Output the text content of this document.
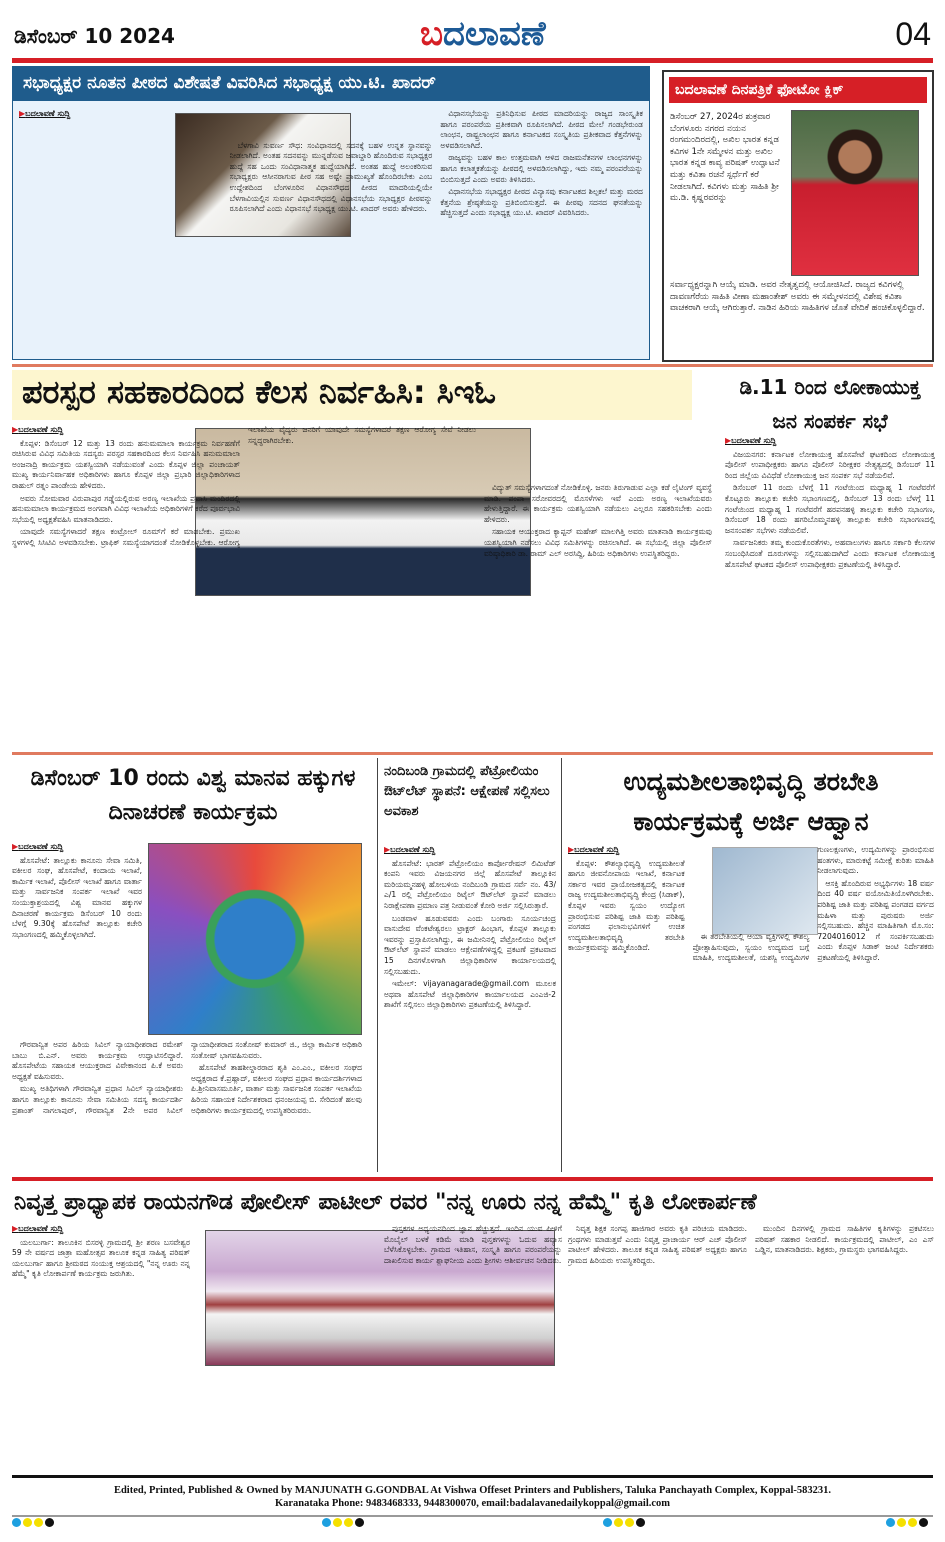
ಡಿಸೆಂಬರ್ 10 2024	ಬದಲಾವಣೆ	04
ಸಭಾಧ್ಯಕ್ಷರ ನೂತನ ಪೀಠದ ವಿಶೇಷತೆ ವಿವರಿಸಿದ ಸಭಾಧ್ಯಕ್ಷ ಯು.ಟಿ. ಖಾದರ್
▶ ಬದಲಾವಣೆ ಸುದ್ದಿ

ಬೆಳಗಾವಿ ಸುವರ್ಣ ಸೌಧ: ಸಂವಿಧಾನದಲ್ಲಿ ಸದನಕ್ಕೆ ಬಹಳ ಉನ್ನತ ಸ್ಥಾನವನ್ನು ನೀಡಲಾಗಿದೆ. ಅಂತಹ ಸದನವನ್ನು ಮುನ್ನಡೆಸುವ ಜವಾಬ್ದಾರಿ ಹೊಂದಿರುವ ಸಭಾಧ್ಯಕ್ಷರ ಹುದ್ದೆ ಸಹ ಒಂದು ಸಂವಿಧಾನಾತ್ಮಕ ಹುದ್ದೆಯಾಗಿದೆ. ಅಂತಹ ಹುದ್ದೆ ಅಲಂಕರಿಸುವ ಸಭಾಧ್ಯಕ್ಷರು ಆಸೀನರಾಗುವ ಪೀಠ ಸಹ ಅಷ್ಟೇ ಪ್ರಾಮುಖ್ಯತೆ ಹೊಂದಿರಬೇಕು ಎಂಬ ಉದ್ದೇಶದಿಂದ ಬೆಂಗಳೂರಿನ ವಿಧಾನಸೌಧದ ಪೀಠದ ಮಾದರಿಯಲ್ಲಿಯೇ ಬೆಳಗಾವಿಯಲ್ಲಿನ ಸುವರ್ಣ ವಿಧಾನಸೌಧದಲ್ಲಿ ವಿಧಾನಸಭೆಯ ಸಭಾಧ್ಯಕ್ಷರ ಪೀಠವನ್ನು ರೂಪಿಸಲಾಗಿದೆ ಎಂದು ವಿಧಾನಸಭೆ ಸಭಾಧ್ಯಕ್ಷ ಯು.ಟಿ. ಖಾದರ್ ಅವರು ಹೇಳಿದರು.

ವಿಧಾನಸಭೆಯನ್ನು ಪ್ರತಿನಿಧಿಸುವ ಪೀಠದ ಮಾದರಿಯನ್ನು ರಾಜ್ಯದ ಸಾಂಸ್ಕೃತಿಕ ಹಾಗೂ ಪರಂಪರೆಯ ಪ್ರತೀಕವಾಗಿ ರೂಪಿಸಲಾಗಿದೆ. ಪೀಠದ ಮೇಲೆ ಗಂಡಭೇರುಂಡ ಲಾಂಛನ, ರಾಷ್ಟ್ರಲಾಂಛನ ಹಾಗೂ ಕರ್ನಾಟಕದ ಸಂಸ್ಕೃತಿಯ ಪ್ರತೀಕವಾದ ಕೆತ್ತನೆಗಳನ್ನು ಅಳವಡಿಸಲಾಗಿದೆ.

ರಾಜ್ಯವನ್ನು ಬಹಳ ಕಾಲ ಉತ್ತಮವಾಗಿ ಆಳಿದ ರಾಜಮನೆತನಗಳ ಲಾಂಛನಗಳನ್ನು ಹಾಗೂ ಕಲಾತ್ಮಕತೆಯನ್ನು ಪೀಠದಲ್ಲಿ ಅಳವಡಿಸಲಾಗಿದ್ದು, ಇದು ನಮ್ಮ ಪರಂಪರೆಯನ್ನು ಬಿಂಬಿಸುತ್ತದೆ ಎಂದು ಅವರು ತಿಳಿಸಿದರು.

ವಿಧಾನಸಭೆಯ ಸಭಾಧ್ಯಕ್ಷರ ಪೀಠದ ವಿನ್ಯಾಸವು ಕರ್ನಾಟಕದ ಶಿಲ್ಪಕಲೆ ಮತ್ತು ಮರದ ಕೆತ್ತನೆಯ ಶ್ರೇಷ್ಠತೆಯನ್ನು ಪ್ರತಿಬಿಂಬಿಸುತ್ತದೆ. ಈ ಪೀಠವು ಸದನದ ಘನತೆಯನ್ನು ಹೆಚ್ಚಿಸುತ್ತದೆ ಎಂದು ಸಭಾಧ್ಯಕ್ಷ ಯು.ಟಿ. ಖಾದರ್ ವಿವರಿಸಿದರು.

ಬದಲಾವಣೆ ದಿನಪತ್ರಿಕೆ ಫೋಟೋ ಕ್ಲಿಕ್
ಡಿಸೆಂಬರ್ 27, 2024ರ ಶುಕ್ರವಾರ ಬೆಂಗಳೂರು ನಗರದ ನಯನ ರಂಗಮಂದಿರದಲ್ಲಿ, ಅಖಿಲ ಭಾರತ ಕನ್ನಡ ಕವಿಗಳ 1ನೇ ಸಮ್ಮೇಳನ ಮತ್ತು ಅಖಿಲ ಭಾರತ ಕನ್ನಡ ಕಾವ್ಯ ಪರಿಷತ್ ಉದ್ಘಾಟನೆ ಮತ್ತು ಕವಿತಾ ರಚನೆ ಸ್ಪರ್ಧೆಗೆ ಕರೆ ನೀಡಲಾಗಿದೆ. ಕವಿಗಳು ಮತ್ತು ಸಾಹಿತಿ ಶ್ರೀ ಮ.ಡಿ. ಕೃಷ್ಣರವರನ್ನು
ಸರ್ವಾಧ್ಯಕ್ಷರನ್ನಾಗಿ ಆಯ್ಕೆ ಮಾಡಿ. ಅವರ ನೇತೃತ್ವದಲ್ಲಿ ಆಯೋಜಿಸಿದೆ. ರಾಜ್ಯದ ಕವಿಗಳಲ್ಲಿ ದಾವಣಗೆರೆಯ ಸಾಹಿತಿ ವೀಣಾ ಮಹಾಂತೇಶ್ ಅವರು ಈ ಸಮ್ಮೇಳನದಲ್ಲಿ ವಿಶೇಷ ಕವಿತಾ ವಾಚಕರಾಗಿ ಆಯ್ಕೆ ಆಗಿರುತ್ತಾರೆ. ನಾಡಿನ ಹಿರಿಯ ಸಾಹಿತಿಗಳ ಜೊತೆ ವೇದಿಕೆ ಹಂಚಿಕೊಳ್ಳಲಿದ್ದಾರೆ.
ಪರಸ್ಪರ ಸಹಕಾರದಿಂದ ಕೆಲಸ ನಿರ್ವಹಿಸಿ: ಸಿಇಓ
▶ ಬದಲಾವಣೆ ಸುದ್ದಿ

ಕೊಪ್ಪಳ: ಡಿಸೆಂಬರ್ 12 ಮತ್ತು 13 ರಂದು ಹನುಮಮಾಲಾ ಕಾರ್ಯಕ್ರಮ ನಿರ್ವಹಣೆಗೆ ರಚಿಸಿರುವ ವಿವಿಧ ಸಮಿತಿಯ ಸದಸ್ಯರು ಪರಸ್ಪರ ಸಹಕಾರದಿಂದ ಕೆಲಸ ನಿರ್ವಹಿಸಿ ಹನುಮಮಾಲಾ ಅಂಜನಾದ್ರಿ ಕಾರ್ಯಕ್ರಮ ಯಶಸ್ವಿಯಾಗಿ ನಡೆಯುವಂತೆ ಎಂದು ಕೊಪ್ಪಳ ಜಿಲ್ಲಾ ಪಂಚಾಯತ್ ಮುಖ್ಯ ಕಾರ್ಯನಿರ್ವಾಹಕ ಅಧಿಕಾರಿಗಳು ಹಾಗೂ ಕೊಪ್ಪಳ ಜಿಲ್ಲಾ ಪ್ರಭಾರಿ ಜಿಲ್ಲಾಧಿಕಾರಿಗಳಾದ ರಾಹುಲ್ ರತ್ನಂ ಪಾಂಡೇಯ ಹೇಳಿದರು.

ಅವರು ಸೋಮವಾರ ವಿರುಪಾಪುರ ಗಡ್ಡೆಯಲ್ಲಿರುವ ಅರಣ್ಯ ಇಲಾಖೆಯ ಪ್ರವಾಸಿ ಮಂದಿರದಲ್ಲಿ ಹನುಮಮಾಲಾ ಕಾರ್ಯಕ್ರಮದ ಅಂಗವಾಗಿ ವಿವಿಧ ಇಲಾಖೆಯ ಅಧಿಕಾರಿಗಳಿಗೆ ಕರೆದ ಪೂರ್ವಭಾವಿ ಸಭೆಯಲ್ಲಿ ಅಧ್ಯಕ್ಷತೆವಹಿಸಿ ಮಾತನಾಡಿದರು.

ಯಾವುದೇ ಸಮಸ್ಯೆಗಳಾದರೆ ತಕ್ಷಣ ಕಂಟ್ರೋಲ್ ರೂಮ್‌ಗೆ ಕರೆ ಮಾಡಬೇಕು. ಪ್ರಮುಖ ಸ್ಥಳಗಳಲ್ಲಿ ಸಿಸಿಟಿವಿ ಅಳವಡಿಸಬೇಕು. ಟ್ರಾಫಿಕ್ ಸಮಸ್ಯೆಯಾಗದಂತೆ ನೋಡಿಕೊಳ್ಳಬೇಕು. ಆರೋಗ್ಯ ಇಲಾಖೆಯ ವೈದ್ಯರು ಜನರಿಗೆ ಯಾವುದೇ ಸಮಸ್ಯೆಗಳಾದರೆ ತಕ್ಷಣ ಆರೋಗ್ಯ ಸೇವೆ ನೀಡಲು ಸನ್ನದ್ಧರಾಗಿರಬೇಕು.

ವಿದ್ಯುತ್ ಸಮಸ್ಯೆಗಳಾಗದಂತೆ ನೋಡಿಕೊಳ್ಳಿ. ಜನರು ತಿರುಗಾಡುವ ಎಲ್ಲಾ ಕಡೆ ಲೈಟಿಂಗ್ ವ್ಯವಸ್ಥೆ ಮಾಡಿ. ಪಂಪಾ ಸರೋವರದಲ್ಲಿ ಮೊಸಳೆಗಳು ಇವೆ ಎಂದು ಅರಣ್ಯ ಇಲಾಖೆಯವರು ಹೇಳುತ್ತಿದ್ದಾರೆ. ಈ ಕಾರ್ಯಕ್ರಮ ಯಶಸ್ವಿಯಾಗಿ ನಡೆಯಲು ಎಲ್ಲರೂ ಸಹಕರಿಸಬೇಕು ಎಂದು ಹೇಳಿದರು.

ಸಹಾಯಕ ಆಯುಕ್ತರಾದ ಕ್ಯಾಪ್ಟನ್ ಮಹೇಶ್ ಮಾಲಗಿತ್ತಿ ಅವರು ಮಾತನಾಡಿ ಕಾರ್ಯಕ್ರಮವು ಯಶಸ್ವಿಯಾಗಿ ನಡೆಸಲು ವಿವಿಧ ಸಮಿತಿಗಳನ್ನು ರಚಿಸಲಾಗಿದೆ. ಈ ಸಭೆಯಲ್ಲಿ ಜಿಲ್ಲಾ ಪೊಲೀಸ್ ವರಿಷ್ಠಾಧಿಕಾರಿ ಡಾ. ರಾಮ್ ಎಲ್ ಅರಸಿದ್ದಿ, ಹಿರಿಯ ಅಧಿಕಾರಿಗಳು ಉಪಸ್ಥಿತರಿದ್ದರು.

ಡಿ.11 ರಿಂದ ಲೋಕಾಯುಕ್ತ ಜನ ಸಂಪರ್ಕ ಸಭೆ
▶ ಬದಲಾವಣೆ ಸುದ್ದಿ

ವಿಜಯನಗರ: ಕರ್ನಾಟಕ ಲೋಕಾಯುಕ್ತ ಹೊಸಪೇಟೆ ಘಟಕದಿಂದ ಲೋಕಾಯುಕ್ತ ಪೊಲೀಸ್ ಉಪಾಧೀಕ್ಷಕರು ಹಾಗೂ ಪೊಲೀಸ್ ನಿರೀಕ್ಷಕರ ನೇತೃತ್ವದಲ್ಲಿ ಡಿಸೆಂಬರ್ 11 ರಿಂದ ಜಿಲ್ಲೆಯ ವಿವಿಧೆಡೆ ಲೋಕಾಯುಕ್ತ ಜನ ಸಂಪರ್ಕ ಸಭೆ ನಡೆಯಲಿವೆ.

ಡಿಸೆಂಬರ್ 11 ರಂದು ಬೆಳಗ್ಗೆ 11 ಗಂಟೆಯಿಂದ ಮಧ್ಯಾಹ್ನ 1 ಗಂಟೆವರೆಗೆ ಕೊಟ್ಟೂರು ತಾಲ್ಲೂಕು ಕಚೇರಿ ಸಭಾಂಗಣದಲ್ಲಿ, ಡಿಸೆಂಬರ್ 13 ರಂದು ಬೆಳಗ್ಗೆ 11 ಗಂಟೆಯಿಂದ ಮಧ್ಯಾಹ್ನ 1 ಗಂಟೆವರೆಗೆ ಹರಪನಹಳ್ಳಿ ತಾಲ್ಲೂಕು ಕಚೇರಿ ಸಭಾಂಗಣ, ಡಿಸೆಂಬರ್ 18 ರಂದು ಹಗರಿಬೊಮ್ಮನಹಳ್ಳಿ ತಾಲ್ಲೂಕು ಕಚೇರಿ ಸಭಾಂಗಣದಲ್ಲಿ ಜನಸಂಪರ್ಕ ಸಭೆಗಳು ನಡೆಯಲಿವೆ.

ಸಾರ್ವಜನಿಕರು ತಮ್ಮ ಕುಂದುಕೊರತೆಗಳು, ಅಹವಾಲುಗಳು ಹಾಗೂ ಸರ್ಕಾರಿ ಕೆಲಸಗಳ ಸಂಬಂಧಿಸಿದಂತೆ ದೂರುಗಳನ್ನು ಸಲ್ಲಿಸಬಹುದಾಗಿದೆ ಎಂದು ಕರ್ನಾಟಕ ಲೋಕಾಯುಕ್ತ ಹೊಸಪೇಟೆ ಘಟಕದ ಪೊಲೀಸ್ ಉಪಾಧೀಕ್ಷಕರು ಪ್ರಕಟಣೆಯಲ್ಲಿ ತಿಳಿಸಿದ್ದಾರೆ.

ಡಿಸೆಂಬರ್ 10 ರಂದು ವಿಶ್ವ ಮಾನವ ಹಕ್ಕುಗಳ ದಿನಾಚರಣೆ ಕಾರ್ಯಕ್ರಮ
▶ ಬದಲಾವಣೆ ಸುದ್ದಿ

ಹೊಸಪೇಟೆ: ತಾಲ್ಲೂಕು ಕಾನೂನು ಸೇವಾ ಸಮಿತಿ, ವಕೀಲರ ಸಂಘ, ಹೊಸಪೇಟೆ, ಕಂದಾಯ ಇಲಾಖೆ, ಕಾರ್ಮಿಕ ಇಲಾಖೆ, ಪೊಲೀಸ್ ಇಲಾಖೆ ಹಾಗೂ ವಾರ್ತಾ ಮತ್ತು ಸಾರ್ವಜನಿಕ ಸಂಪರ್ಕ ಇಲಾಖೆ ಇವರ ಸಂಯುಕ್ತಾಶ್ರಯದಲ್ಲಿ ವಿಶ್ವ ಮಾನವ ಹಕ್ಕುಗಳ ದಿನಾಚರಣೆ ಕಾರ್ಯಕ್ರಮ ಡಿಸೆಂಬರ್ 10 ರಂದು ಬೆಳಗ್ಗೆ 9.30ಕ್ಕೆ ಹೊಸಪೇಟೆ ತಾಲ್ಲೂಕು ಕಚೇರಿ ಸಭಾಂಗಣದಲ್ಲಿ ಹಮ್ಮಿಕೊಳ್ಳಲಾಗಿದೆ.

ಗೌರವಾನ್ವಿತ ಅಪರ ಹಿರಿಯ ಸಿವಿಲ್ ನ್ಯಾಯಾಧೀಶರಾದ ರಮೇಶ್ ಬಾಬು ಬಿ.ಎನ್. ಅವರು ಕಾರ್ಯಕ್ರಮ ಉದ್ಘಾಟಿಸಲಿದ್ದಾರೆ. ಹೊಸಪೇಟೆಯ ಸಹಾಯಕ ಆಯುಕ್ತರಾದ ವಿವೇಕಾನಂದ ಪಿ.ಕೆ ಅವರು ಅಧ್ಯಕ್ಷತೆ ವಹಿಸುವರು.

ಮುಖ್ಯ ಅತಿಥಿಗಳಾಗಿ ಗೌರವಾನ್ವಿತ ಪ್ರಧಾನ ಸಿವಿಲ್ ನ್ಯಾಯಾಧೀಶರು ಹಾಗೂ ತಾಲ್ಲೂಕು ಕಾನೂನು ಸೇವಾ ಸಮಿತಿಯ ಸದಸ್ಯ ಕಾರ್ಯದರ್ಶಿ ಪ್ರಶಾಂತ್ ನಾಗಲಾಪುರ್, ಗೌರವಾನ್ವಿತ 2ನೇ ಅಪರ ಸಿವಿಲ್ ನ್ಯಾಯಾಧೀಶರಾದ ಸಂತೋಷ್ ಕುಮಾರ್ ಜಿ., ಜಿಲ್ಲಾ ಕಾರ್ಮಿಕ ಅಧಿಕಾರಿ ಸಂತೋಷ್ ಭಾಗವಹಿಸುವರು.

ಹೊಸಪೇಟೆ ತಾಹಶೀಲ್ದಾರರಾದ ಶೃತಿ ಎಂ.ಎಂ., ವಕೀಲರ ಸಂಘದ ಅಧ್ಯಕ್ಷರಾದ ಕೆ.ಪ್ರಹ್ಲಾದ್, ವಕೀಲರ ಸಂಘದ ಪ್ರಧಾನ ಕಾರ್ಯದರ್ಶಿಗಳಾದ ಪಿ.ಶ್ರೀನಿವಾಸಮೂರ್ತಿ, ವಾರ್ತಾ ಮತ್ತು ಸಾರ್ವಜನಿಕ ಸಂಪರ್ಕ ಇಲಾಖೆಯ ಹಿರಿಯ ಸಹಾಯಕ ನಿರ್ದೇಶಕರಾದ ಧನಂಜಯಪ್ಪ ಬಿ. ಸೇರಿದಂತೆ ಹಲವು ಅಧಿಕಾರಿಗಳು ಕಾರ್ಯಕ್ರಮದಲ್ಲಿ ಉಪಸ್ಥಿತರಿರುವರು.

ನಂದಿಬಂಡಿ ಗ್ರಾಮದಲ್ಲಿ ಪೆಟ್ರೋಲಿಯಂ ಔಟ್‌ಲೆಟ್ ಸ್ಥಾಪನೆ: ಆಕ್ಷೇಪಣೆ ಸಲ್ಲಿಸಲು ಅವಕಾಶ
▶ ಬದಲಾವಣೆ ಸುದ್ದಿ

ಹೊಸಪೇಟೆ: ಭಾರತ್ ಪೆಟ್ರೋಲಿಯಂ ಕಾರ್ಪೋರೇಷನ್ ಲಿಮಿಟೆಡ್ ಕಂಪನಿ ಇವರು ವಿಜಯನಗರ ಜಿಲ್ಲೆ ಹೊಸಪೇಟೆ ತಾಲ್ಲೂಕಿನ ಮರಿಯಮ್ಮನಹಳ್ಳಿ ಹೋಬಳಿಯ ನಂದಿಬಂಡಿ ಗ್ರಾಮದ ಸರ್ವೆ ನಂ. 43/ಎ/1 ರಲ್ಲಿ ಪೆಟ್ರೋಲಿಯಂ ರಿಟೈಲ್ ಔಟ್‌ಲೆಟ್ ಸ್ಥಾಪನೆ ಮಾಡಲು ನಿರಾಕ್ಷೇಪಣಾ ಪ್ರಮಾಣ ಪತ್ರ ನೀಡುವಂತೆ ಕೋರಿ ಅರ್ಜಿ ಸಲ್ಲಿಸಿರುತ್ತಾರೆ.

ಬಂಡವಾಳ ಹೂಡುವವರು ಎಂದು ಬಂಗಾರು ಸೂರ್ಯಚಂದ್ರ ವಾಸುದೇವ ವೆಂಕಟೇಶ್ವರಲು ಟ್ರಾಕ್ಟರ್ ಹಿಂಭಾಗ, ಕೊಪ್ಪಳ ತಾಲ್ಲೂಕು ಇವರನ್ನು ಪ್ರಸ್ತಾಪಿಸಲಾಗಿದ್ದು, ಈ ಜಮೀನಿನಲ್ಲಿ ಪೆಟ್ರೋಲಿಯಂ ರಿಟೈಲ್ ಔಟ್‌ಲೆಟ್ ಸ್ಥಾಪನೆ ಮಾಡಲು ಆಕ್ಷೇಪಣೆಗಳಿದ್ದಲ್ಲಿ ಪ್ರಕಟಣೆ ಪ್ರಕಟವಾದ 15 ದಿನಗಳೊಳಗಾಗಿ ಜಿಲ್ಲಾಧಿಕಾರಿಗಳ ಕಾರ್ಯಾಲಯದಲ್ಲಿ ಸಲ್ಲಿಸಬಹುದು.

ಇಮೇಲ್: vijayanagarade@gmail.com ಮೂಲಕ ಅಥವಾ ಹೊಸಪೇಟೆ ಜಿಲ್ಲಾಧಿಕಾರಿಗಳ ಕಾರ್ಯಾಲಯದ ಎಂಎಜಿ-2 ಶಾಖೆಗೆ ಸಲ್ಲಿಸಲು ಜಿಲ್ಲಾಧಿಕಾರಿಗಳು ಪ್ರಕಟಣೆಯಲ್ಲಿ ತಿಳಿಸಿದ್ದಾರೆ.

ಉದ್ಯಮಶೀಲತಾಭಿವೃದ್ಧಿ ತರಬೇತಿ ಕಾರ್ಯಕ್ರಮಕ್ಕೆ ಅರ್ಜಿ ಆಹ್ವಾನ
▶ ಬದಲಾವಣೆ ಸುದ್ದಿ

ಕೊಪ್ಪಳ: ಕೌಶಲ್ಯಾಭಿವೃದ್ಧಿ ಉದ್ಯಮಶೀಲತೆ ಹಾಗೂ ಜೀವನೋಪಾಯ ಇಲಾಖೆ, ಕರ್ನಾಟಕ ಸರ್ಕಾರ ಇವರ ಪ್ರಾಯೋಜಕತ್ವದಲ್ಲಿ ಕರ್ನಾಟಕ ರಾಜ್ಯ ಉದ್ಯಮಶೀಲತಾಭಿವೃದ್ಧಿ ಕೇಂದ್ರ (ಸಿಡಾಕ್), ಕೊಪ್ಪಳ ಇವರು ಸ್ವಯಂ ಉದ್ಯೋಗ ಪ್ರಾರಂಭಿಸುವ ಪರಿಶಿಷ್ಟ ಜಾತಿ ಮತ್ತು ಪರಿಶಿಷ್ಟ ಪಂಗಡದ ಫಲಾನುಭವಿಗಳಿಗೆ ಉಚಿತ ಉದ್ಯಮಶೀಲತಾಭಿವೃದ್ಧಿ ತರಬೇತಿ ಕಾರ್ಯಕ್ರಮವನ್ನು ಹಮ್ಮಿಕೊಂಡಿದೆ.

ಈ ತರಬೇತಿಯಲ್ಲಿ ಆಯಾ ವ್ಯಕ್ತಿಗಳಲ್ಲಿ ಕೌಶಲ್ಯ ಪ್ರೋತ್ಸಾಹಿಸುವುದು, ಸ್ವಯಂ ಉದ್ಯಮದ ಬಗ್ಗೆ ಮಾಹಿತಿ, ಉದ್ಯಮಶೀಲತೆ, ಯಶಸ್ವಿ ಉದ್ಯಮಿಗಳ ಗುಣಲಕ್ಷಣಗಳು, ಉದ್ಯಮಿಗಳನ್ನು ಪ್ರಾರಂಭಿಸುವ ಹಂತಗಳು, ಮಾರುಕಟ್ಟೆ ಸಮೀಕ್ಷೆ ಕುರಿತು ಮಾಹಿತಿ ನೀಡಲಾಗುವುದು.

ಆಸಕ್ತಿ ಹೊಂದಿರುವ ಅಭ್ಯರ್ಥಿಗಳು 18 ವರ್ಷ ದಿಂದ 40 ವರ್ಷ ವಯೋಮಿತಿಯೊಳಗಿರಬೇಕು. ಪರಿಶಿಷ್ಟ ಜಾತಿ ಮತ್ತು ಪರಿಶಿಷ್ಟ ಪಂಗಡದ ವರ್ಗದ ಮಹಿಳಾ ಮತ್ತು ಪುರುಷರು ಅರ್ಜಿ ಸಲ್ಲಿಸಬಹುದು. ಹೆಚ್ಚಿನ ಮಾಹಿತಿಗಾಗಿ ಮೊ.ಸಂ: 7204016012 ಗೆ ಸಂಪರ್ಕಿಸಬಹುದು ಎಂದು ಕೊಪ್ಪಳ ಸಿಡಾಕ್ ಜಂಟಿ ನಿರ್ದೇಶಕರು ಪ್ರಕಟಣೆಯಲ್ಲಿ ತಿಳಿಸಿದ್ದಾರೆ.

ನಿವೃತ್ತ ಪ್ರಾಧ್ಯಾಪಕ ರಾಯನಗೌಡ ಪೋಲೀಸ್ ಪಾಟೀಲ್ ರವರ "ನನ್ನ ಊರು ನನ್ನ ಹೆಮ್ಮೆ" ಕೃತಿ ಲೋಕಾರ್ಪಣೆ
▶ ಬದಲಾವಣೆ ಸುದ್ದಿ

ಯಲಬುರ್ಗಾ: ತಾಲೂಕಿನ ಬಿಸರಳ್ಳಿ ಗ್ರಾಮದಲ್ಲಿ ಶ್ರೀ ಶರಣ ಬಸವೇಶ್ವರ 59 ನೇ ವರ್ಷದ ಜಾತ್ರಾ ಮಹೋತ್ಸವ ತಾಲೂಕ ಕನ್ನಡ ಸಾಹಿತ್ಯ ಪರಿಷತ್ ಯಲಬುರ್ಗಾ ಹಾಗೂ ಶ್ರೀಮಠದ ಸಂಯುಕ್ತ ಆಶ್ರಯದಲ್ಲಿ "ನನ್ನ ಊರು ನನ್ನ ಹೆಮ್ಮೆ" ಕೃತಿ ಲೋಕಾರ್ಪಣೆ ಕಾರ್ಯಕ್ರಮ ಜರುಗಿತು.

ಪುಸ್ತಕಗಳ ಅಧ್ಯಯನದಿಂದ ಜ್ಞಾನ ಹೆಚ್ಚುತ್ತದೆ. ಇಂದಿನ ಯುವ ಪೀಳಿಗೆ ಮೊಬೈಲ್ ಬಳಕೆ ಕಡಿಮೆ ಮಾಡಿ ಪುಸ್ತಕಗಳನ್ನು ಓದುವ ಹವ್ಯಾಸ ಬೆಳೆಸಿಕೊಳ್ಳಬೇಕು. ಗ್ರಾಮದ ಇತಿಹಾಸ, ಸಂಸ್ಕೃತಿ ಹಾಗೂ ಪರಂಪರೆಯನ್ನು ದಾಖಲಿಸುವ ಕಾರ್ಯ ಶ್ಲಾಘನೀಯ ಎಂದು ಶ್ರೀಗಳು ಆಶೀರ್ವಚನ ನೀಡಿದರು.

ನಿವೃತ್ತ ಶಿಕ್ಷಕ ಸಂಗಪ್ಪ ಹಾಜಿಗಾರ ಅವರು ಕೃತಿ ಪರಿಚಯ ಮಾಡಿದರು. ಗ್ರಂಥಗಳು ಮಾಡುತ್ತವೆ ಎಂದು ನಿವೃತ್ತ ಪ್ರಾಚಾರ್ಯ ಆರ್ ಎಚ್ ಪೊಲೀಸ್ ಪಾಟೀಲ್ ಹೇಳಿದರು. ತಾಲೂಕ ಕನ್ನಡ ಸಾಹಿತ್ಯ ಪರಿಷತ್ ಅಧ್ಯಕ್ಷರು ಹಾಗೂ ಗ್ರಾಮದ ಹಿರಿಯರು ಉಪಸ್ಥಿತರಿದ್ದರು.

ಮುಂದಿನ ದಿನಗಳಲ್ಲಿ ಗ್ರಾಮದ ಸಾಹಿತಿಗಳ ಕೃತಿಗಳನ್ನು ಪ್ರಕಟಿಸಲು ಪರಿಷತ್ ಸಹಕಾರ ನೀಡಲಿದೆ. ಕಾರ್ಯಕ್ರಮದಲ್ಲಿ ಪಾಟೀಲ್, ಎಂ ಎಸ್ ಒಡ್ಡಿನ, ಮಾತನಾಡಿದರು. ಶಿಕ್ಷಕರು, ಗ್ರಾಮಸ್ಥರು ಭಾಗವಹಿಸಿದ್ದರು.

Edited, Printed, Published & Owned by MANJUNATH G.GONDBAL At Vishwa Offeset Printers and Publishers, Taluka Panchayath Complex, Koppal-583231.
Karanataka Phone: 9483468333, 9448300070, email:badalavanedailykoppal@gmail.com
